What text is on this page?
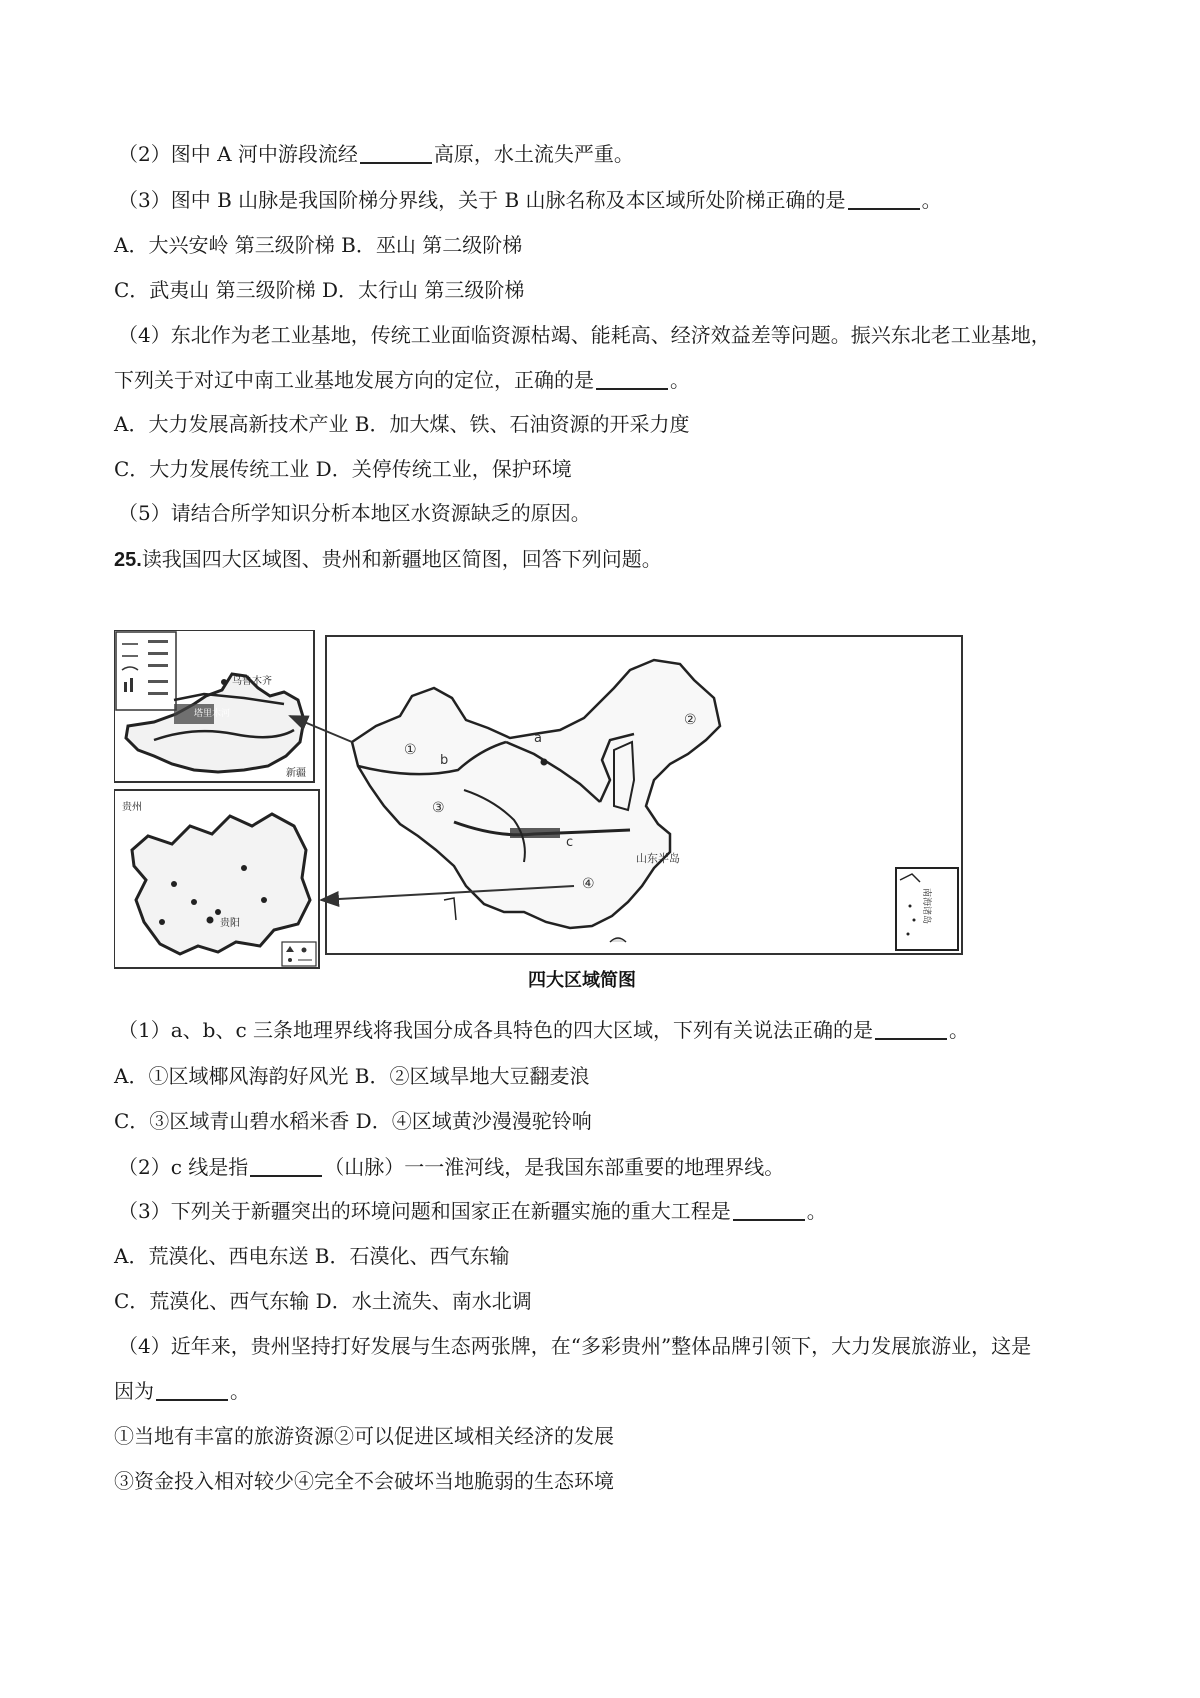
（2）图中 A 河中游段流经	高原，水土流失严重。
（3）图中 B 山脉是我国阶梯分界线，关于 B 山脉名称及本区域所处阶梯正确的是	。
A．大兴安岭 第三级阶梯 B．巫山 第二级阶梯
C．武夷山 第三级阶梯 D．太行山 第三级阶梯
（4）东北作为老工业基地，传统工业面临资源枯竭、能耗高、经济效益差等问题。振兴东北老工业基地，
下列关于对辽中南工业基地发展方向的定位，正确的是	。
A．大力发展高新技术产业 B．加大煤、铁、石油资源的开采力度
C．大力发展传统工业 D．关停传统工业，保护环境
（5）请结合所学知识分析本地区水资源缺乏的原因。
25.读我国四大区域图、贵州和新疆地区简图，回答下列问题。
乌鲁木齐
塔里木河
新疆
贵州
贵阳
①
②
③
④
a
b
c
山东半岛
南海诸岛
四大区域简图
（1）a、b、c 三条地理界线将我国分成各具特色的四大区域，下列有关说法正确的是	。
A．①区域椰风海韵好风光 B．②区域旱地大豆翻麦浪
C．③区域青山碧水稻米香 D．④区域黄沙漫漫驼铃响
（2）c 线是指	（山脉）一一淮河线，是我国东部重要的地理界线。
（3）下列关于新疆突出的环境问题和国家正在新疆实施的重大工程是	。
A．荒漠化、西电东送 B．石漠化、西气东输
C．荒漠化、西气东输 D．水土流失、南水北调
（4）近年来，贵州坚持打好发展与生态两张牌，在“多彩贵州”整体品牌引领下，大力发展旅游业，这是
因为	。
①当地有丰富的旅游资源②可以促进区域相关经济的发展
③资金投入相对较少④完全不会破坏当地脆弱的生态环境
